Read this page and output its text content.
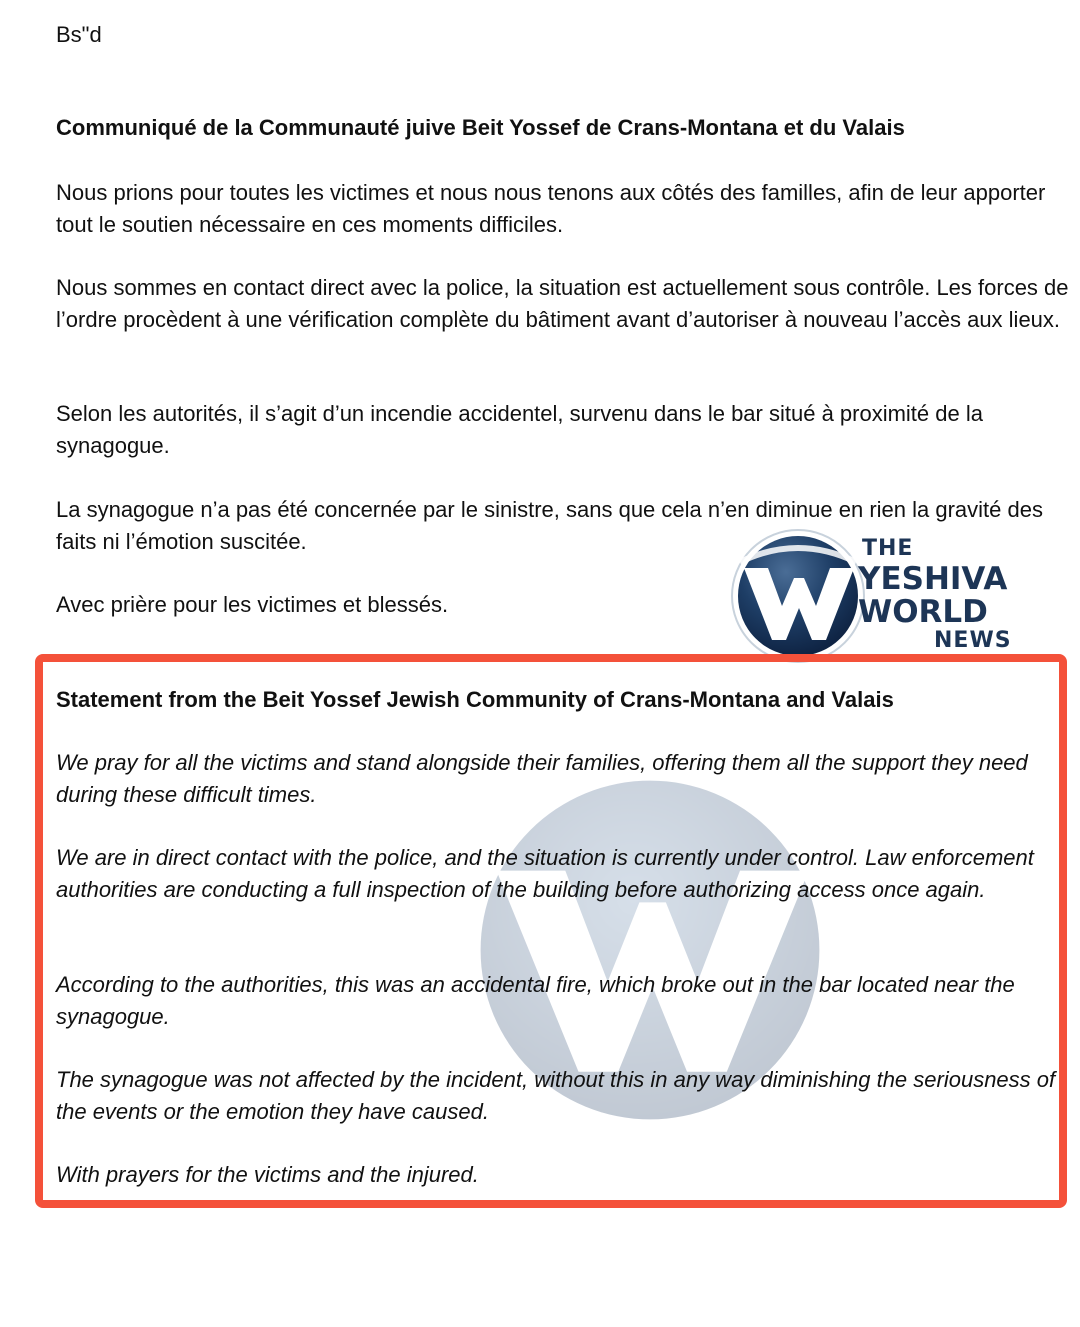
Bs"d
Communiqué de la Communauté juive Beit Yossef de Crans-Montana et du Valais
Nous prions pour toutes les victimes et nous nous tenons aux côtés des familles, afin de leur apporter tout le soutien nécessaire en ces moments difficiles.
Nous sommes en contact direct avec la police, la situation est actuellement sous contrôle. Les forces de l’ordre procèdent à une vérification complète du bâtiment avant d’autoriser à nouveau l’accès aux lieux.
Selon les autorités, il s’agit d’un incendie accidentel, survenu dans le bar situé à proximité de la synagogue.
La synagogue n’a pas été concernée par le sinistre, sans que cela n’en diminue en rien la gravité des faits ni l’émotion suscitée.
Avec prière pour les victimes et blessés.
THE
YESHIVA
WORLD
NEWS
Statement from the Beit Yossef Jewish Community of Crans-Montana and Valais
We pray for all the victims and stand alongside their families, offering them all the support they need during these difficult times.
We are in direct contact with the police, and the situation is currently under control. Law enforcement authorities are conducting a full inspection of the building before authorizing access once again.
According to the authorities, this was an accidental fire, which broke out in the bar located near the synagogue.
The synagogue was not affected by the incident, without this in any way diminishing the seriousness of the events or the emotion they have caused.
With prayers for the victims and the injured.
